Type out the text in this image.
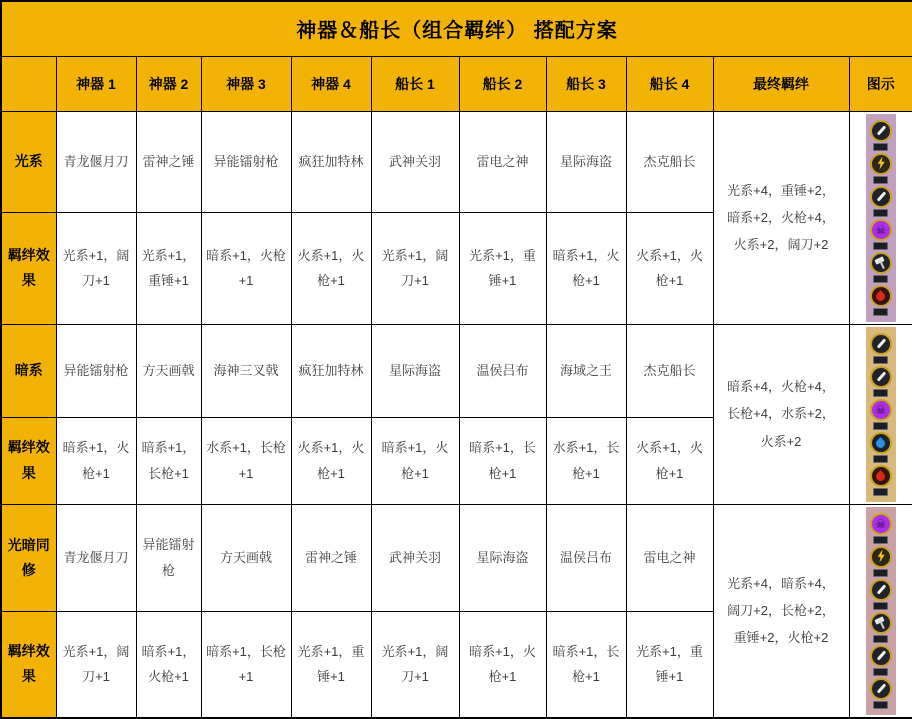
神器＆船长（组合羁绊） 搭配方案										
	神器 1	神器 2	神器 3	神器 4	船长 1	船长 2	船长 3	船长 4	最终羁绊	图示
光系	青龙偃月刀	雷神之锤	异能镭射枪	疯狂加特林	武神关羽	雷电之神	星际海盗	杰克船长	光系+4，重锤+2，暗系+2，火枪+4，火系+2，阔刀+2	☠

羁绊效果	光系+1，阔刀+1	光系+1，重锤+1	暗系+1，火枪+1	火系+1，火枪+1	光系+1，阔刀+1	光系+1，重锤+1	暗系+1，火枪+1	火系+1，火枪+1		
暗系	异能镭射枪	方天画戟	海神三叉戟	疯狂加特林	星际海盗	温侯吕布	海域之王	杰克船长	暗系+4，火枪+4，长枪+4，水系+2，火系+2	☠

羁绊效果	暗系+1，火枪+1	暗系+1，长枪+1	水系+1，长枪+1	火系+1，火枪+1	暗系+1，火枪+1	暗系+1，长枪+1	水系+1，长枪+1	火系+1，火枪+1		
光暗同修	青龙偃月刀	异能镭射枪	方天画戟	雷神之锤	武神关羽	星际海盗	温侯吕布	雷电之神	光系+4，暗系+4，阔刀+2，长枪+2，重锤+2，火枪+2	☠

羁绊效果	光系+1，阔刀+1	暗系+1，火枪+1	暗系+1，长枪+1	光系+1，重锤+1	光系+1，阔刀+1	暗系+1，火枪+1	暗系+1，长枪+1	光系+1，重锤+1		
